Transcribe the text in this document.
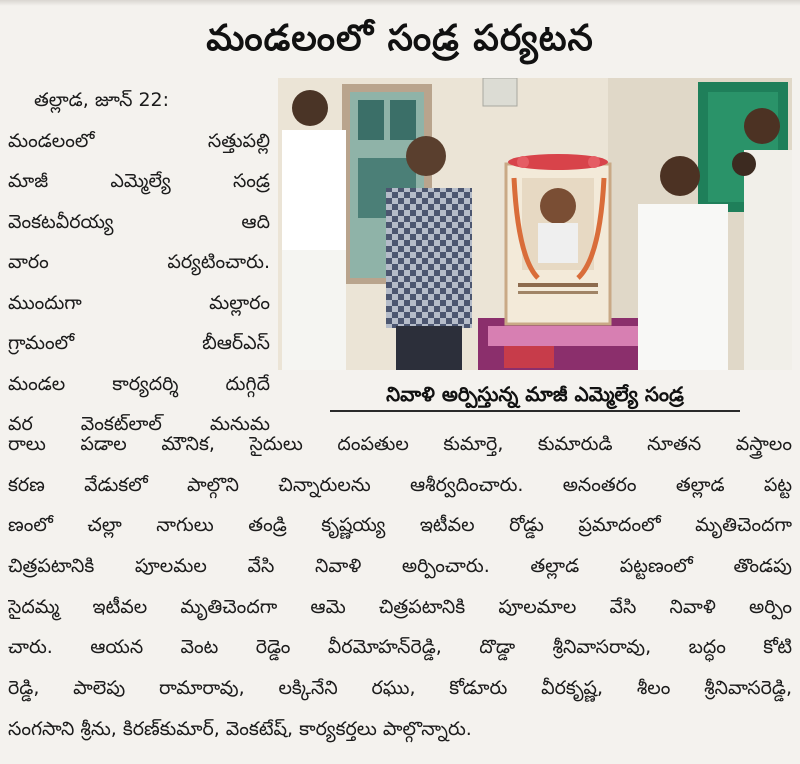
మండలంలో సండ్ర పర్యటన
తల్లాడ, జూన్ 22:
మండలంలో సత్తుపల్లి
మాజీ ఎమ్మెల్యే సండ్ర
వెంకటవీరయ్య ఆది
వారం పర్యటించారు.
ముందుగా మల్లారం
గ్రామంలో బీఆర్ఎస్
మండల కార్యదర్శి దుగ్గిదే
వర వెంకట్‌లాల్ మనుమ
నివాళి అర్పిస్తున్న మాజీ ఎమ్మెల్యే సండ్ర
రాలు పడాల మౌనిక, సైదులు దంపతుల కుమార్తె, కుమారుడి నూతన వస్త్రాలం
కరణ వేడుకలో పాల్గొని చిన్నారులను ఆశీర్వదించారు. అనంతరం తల్లాడ పట్ట
ణంలో చల్లా నాగులు తండ్రి కృష్ణయ్య ఇటీవల రోడ్డు ప్రమాదంలో మృతిచెందగా
చిత్రపటానికి పూలమల వేసి నివాళి అర్పించారు. తల్లాడ పట్టణంలో తొండపు
సైదమ్మ ఇటీవల మృతిచెందగా ఆమె చిత్రపటానికి పూలమాల వేసి నివాళి అర్పిం
చారు. ఆయన వెంట రెడ్డెం వీరమోహన్‌రెడ్డి, దొడ్డా శ్రీనివాసరావు, బద్ధం కోటి
రెడ్డి, పాలెపు రామారావు, లక్కినేని రఘు, కోడూరు వీరకృష్ణ, శీలం శ్రీనివాసరెడ్డి,
సంగసాని శ్రీను, కిరణ్‌కుమార్, వెంకటేష్, కార్యకర్తలు పాల్గొన్నారు.
